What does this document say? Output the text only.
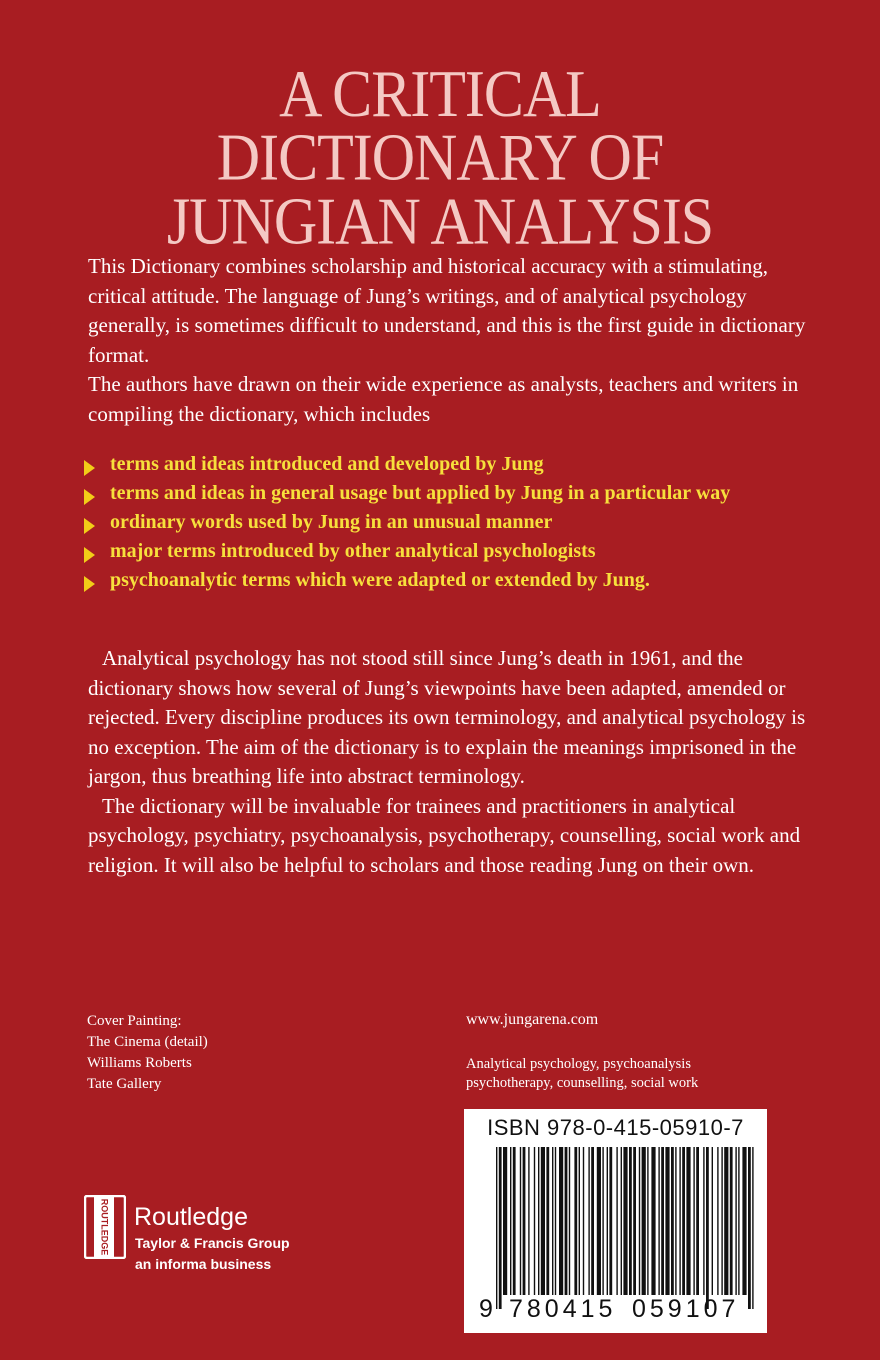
A CRITICAL
DICTIONARY OF
JUNGIAN ANALYSIS

This Dictionary combines scholarship and historical accuracy with a stimulating, critical attitude. The language of Jung’s writings, and of analytical psychology generally, is sometimes difficult to understand, and this is the first guide in dictionary format.

The authors have drawn on their wide experience as analysts, teachers and writers in compiling the dictionary, which includes

terms and ideas introduced and developed by Jung
terms and ideas in general usage but applied by Jung in a particular way
ordinary words used by Jung in an unusual manner
major terms introduced by other analytical psychologists
psychoanalytic terms which were adapted or extended by Jung.

Analytical psychology has not stood still since Jung’s death in 1961, and the dictionary shows how several of Jung’s viewpoints have been adapted, amended or rejected. Every discipline produces its own terminology, and analytical psychology is no exception. The aim of the dictionary is to explain the meanings imprisoned in the jargon, thus breathing life into abstract terminology.

The dictionary will be invaluable for trainees and practitioners in analytical psychology, psychiatry, psychoanalysis, psychotherapy, counselling, social work and religion. It will also be helpful to scholars and those reading Jung on their own.

Cover Painting:
The Cinema (detail)
Williams Roberts
Tate Gallery
www.jungarena.com
Analytical psychology, psychoanalysis
psychotherapy, counselling, social work
ISBN 978-0-415-05910-7
9 780415 059107
ROUTLEDGE Routledge
Taylor & Francis Group
an informa business
